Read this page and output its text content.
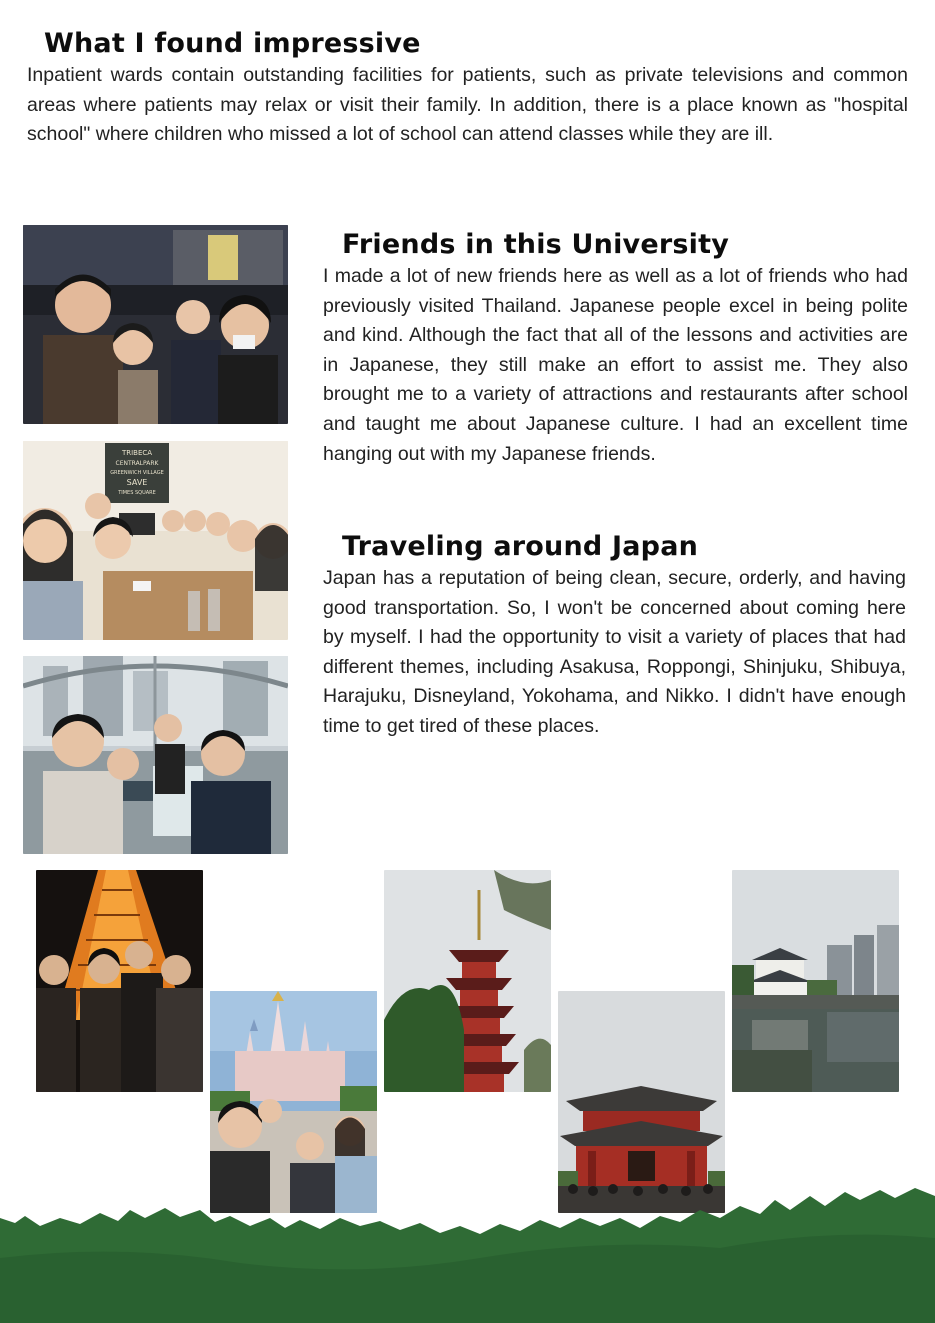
What I found impressive

Inpatient wards contain outstanding facilities for patients, such as private televisions and common areas where patients may relax or visit their family. In addition, there is a place known as "hospital school" where children who missed a lot of school can attend classes while they are ill.

TRIBECA
CENTRALPARK
GREENWICH VILLAGE
SAVE
TIMES SQUARE
Friends in this University

I made a lot of new friends here as well as a lot of friends who had previously visited Thailand. Japanese people excel in being polite and kind. Although the fact that all of the lessons and activities are in Japanese, they still make an effort to assist me. They also brought me to a variety of attractions and restaurants after school and taught me about Japanese culture. I had an excellent time hanging out with my Japanese friends.

Traveling around Japan

Japan has a reputation of being clean, secure, orderly, and having good transportation. So, I won't be concerned about coming here by myself. I had the opportunity to visit a variety of places that had different themes, including Asakusa, Roppongi, Shinjuku, Shibuya, Harajuku, Disneyland, Yokohama, and Nikko. I didn't have enough time to get tired of these places.
